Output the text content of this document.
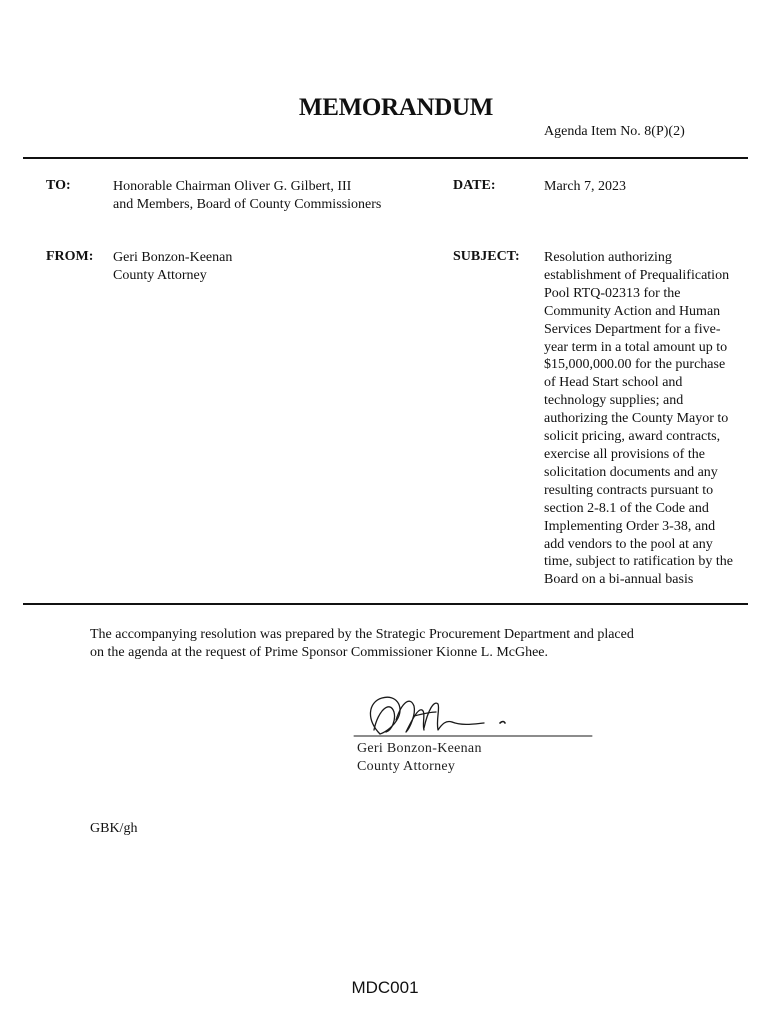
MEMORANDUM
Agenda Item No. 8(P)(2)
TO:	Honorable Chairman Oliver G. Gilbert, III
and Members, Board of County Commissioners
DATE:	March 7, 2023
FROM: Geri Bonzon-Keenan
County Attorney
SUBJECT: Resolution authorizing
establishment of Prequalification
Pool RTQ-02313 for the
Community Action and Human
Services Department for a five-
year term in a total amount up to
$15,000,000.00 for the purchase
of Head Start school and
technology supplies; and
authorizing the County Mayor to
solicit pricing, award contracts,
exercise all provisions of the
solicitation documents and any
resulting contracts pursuant to
section 2-8.1 of the Code and
Implementing Order 3-38, and
add vendors to the pool at any
time, subject to ratification by the
Board on a bi-annual basis
The accompanying resolution was prepared by the Strategic Procurement Department and placed
on the agenda at the request of Prime Sponsor Commissioner Kionne L. McGhee.
Geri Bonzon-Keenan
County Attorney
GBK/gh
MDC001
